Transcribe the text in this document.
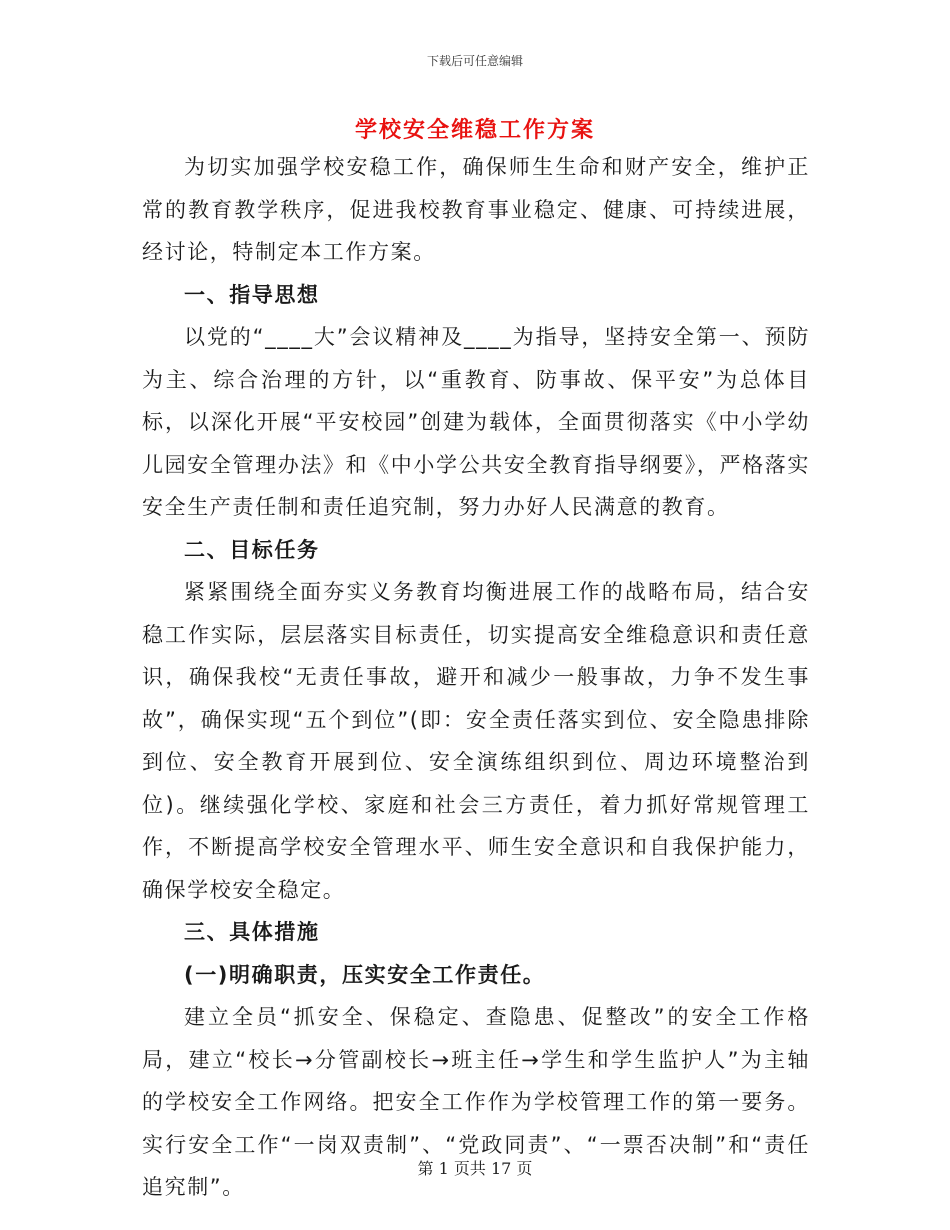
下载后可任意编辑
学校安全维稳工作方案

为切实加强学校安稳工作，确保师生生命和财产安全，维护正常的教育教学秩序，促进我校教育事业稳定、健康、可持续进展，经讨论，特制定本工作方案。

一、指导思想

以党的“____大”会议精神及____为指导，坚持安全第一、预防为主、综合治理的方针，以“重教育、防事故、保平安”为总体目标，以深化开展“平安校园”创建为载体，全面贯彻落实《中小学幼儿园安全管理办法》和《中小学公共安全教育指导纲要》，严格落实安全生产责任制和责任追究制，努力办好人民满意的教育。

二、目标任务

紧紧围绕全面夯实义务教育均衡进展工作的战略布局，结合安稳工作实际，层层落实目标责任，切实提高安全维稳意识和责任意识，确保我校“无责任事故，避开和减少一般事故，力争不发生事故”，确保实现“五个到位”(即：安全责任落实到位、安全隐患排除到位、安全教育开展到位、安全演练组织到位、周边环境整治到位)。继续强化学校、家庭和社会三方责任，着力抓好常规管理工作，不断提高学校安全管理水平、师生安全意识和自我保护能力，确保学校安全稳定。

三、具体措施

(一)明确职责，压实安全工作责任。

建立全员“抓安全、保稳定、查隐患、促整改”的安全工作格局，建立“校长→分管副校长→班主任→学生和学生监护人”为主轴的学校安全工作网络。把安全工作作为学校管理工作的第一要务。实行安全工作“一岗双责制”、“党政同责”、“一票否决制”和“责任追究制”。

第 1 页共 17 页
